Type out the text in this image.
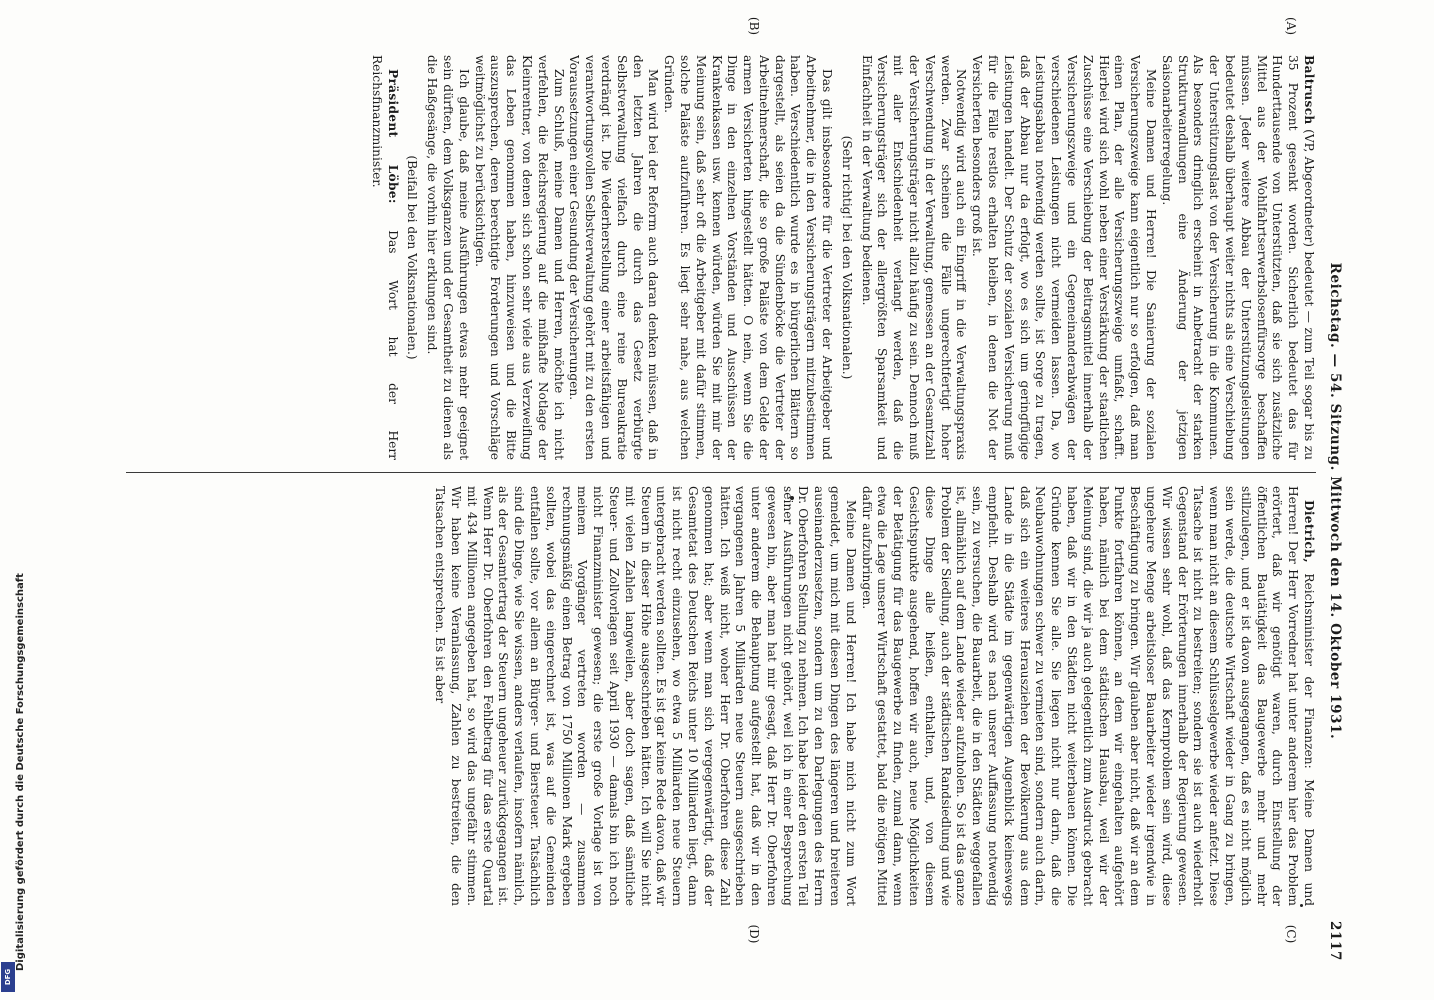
DFG
Digitalisierung gefördert durch die Deutsche Forschungsgemeinschaft
Reichstag. — 54. Sitzung. Mittwoch den 14. Oktober 1931.
2117
(A)
(B)
(C)
(D)

Baltrusch (VP, Abgeordneter) bedeutet — zum Teil sogar bis zu 35 Prozent gesenkt worden. Sicherlich bedeutet das für Hunderttausende von Unterstützten, daß sie sich zusätzliche Mittel aus der Wohlfahrtserwerbslosenfürsorge beschaffen müssen. Jeder weitere Abbau der Unterstützungsleistungen bedeutet deshalb überhaupt weiter nichts als eine Verschiebung der Unterstützungslast von der Versicherung in die Kommunen. Als besonders dringlich erscheint in Anbetracht der starken Strukturwandlungen eine Änderung der jetzigen Saisonarbeiterregelung.

Meine Damen und Herren! Die Sanierung der sozialen Versicherungszweige kann eigentlich nur so erfolgen, daß man einen Plan, der alle Versicherungszweige umfaßt, schafft. Hierbei wird sich wohl neben einer Verstärkung der staatlichen Zuschüsse eine Verschiebung der Beitragsmittel innerhalb der Versicherungszweige und ein Gegeneinanderabwägen der verschiedenen Leistungen nicht vermeiden lassen. Da, wo Leistungsabbau notwendig werden sollte, ist Sorge zu tragen, daß der Abbau nur da erfolgt, wo es sich um geringfügige Leistungen handelt. Der Schutz der sozialen Versicherung muß für die Fälle restlos erhalten bleiben, in denen die Not der Versicherten besonders groß ist.

Notwendig wird auch ein Eingriff in die Verwaltungspraxis werden. Zwar scheinen die Fälle ungerechtfertigt hoher Verschwendung in der Verwaltung, gemessen an der Gesamtzahl der Versicherungsträger nicht allzu häufig zu sein. Dennoch muß mit aller Entschiedenheit verlangt werden, daß die Versicherungsträger sich der allergrößten Sparsamkeit und Einfachheit in der Verwaltung bedienen.

(Sehr richtig! bei den Volksnationalen.)

Das gilt insbesondere für die Vertreter der Arbeitgeber und Arbeitnehmer, die in den Versicherungsträgern mitzubestimmen haben. Verschiedentlich wurde es in bürgerlichen Blättern so dargestellt, als seien da die Sündenböcke die Vertreter der Arbeitnehmerschaft, die so große Paläste von dem Gelde der armen Versicherten hingestellt hätten. O nein, wenn Sie die Dinge in den einzelnen Vorständen und Ausschüssen der Krankenkassen usw. kennen würden, würden Sie mit mir der Meinung sein, daß sehr oft die Arbeitgeber mit dafür stimmen, solche Paläste aufzuführen. Es liegt sehr nahe, aus welchen Gründen.

Man wird bei der Reform auch daran denken müssen, daß in den letzten Jahren die durch das Gesetz verbürgte Selbstverwaltung vielfach durch eine reine Bureaukratie verdrängt ist. Die Wiederherstellung einer arbeitsfähigen und verantwortungsvollen Selbstverwaltung gehört mit zu den ersten Voraussetzungen einer Gesundung der Versicherungen.

Zum Schluß, meine Damen und Herren, möchte ich nicht verfehlen, die Reichsregierung auf die mißhafte Notlage der Kleinrentner, von denen sich schon sehr viele aus Verzweiflung das Leben genommen haben, hinzuweisen und die Bitte auszusprechen, deren berechtigte Forderungen und Vorschläge weitmöglichst zu berücksichtigen.

Ich glaube, daß meine Ausführungen etwas mehr geeignet sein dürften, dem Volksganzen und der Gesamtheit zu dienen als die Haßgesänge, die vorhin hier erklungen sind.

(Beifall bei den Volksnationalen.)

Präsident Löbe: Das Wort hat der Herr Reichsfinanzminister.

Dietrich, Reichsminister der Finanzen: Meine Damen und Herren! Der Herr Vorredner hat unter anderem hier das Problem erörtert, daß wir genötigt waren, durch Einstellung der öffentlichen Bautätigkeit das Baugewerbe mehr und mehr stillzulegen, und er ist davon ausgegangen, daß es nicht möglich sein werde, die deutsche Wirtschaft wieder in Gang zu bringen, wenn man nicht an diesem Schlüsselgewerbe wieder anfetzt. Diese Tatsache ist nicht zu bestreiten; sondern sie ist auch wiederholt Gegenstand der Erörterungen innerhalb der Regierung gewesen. Wir wissen sehr wohl, daß das Kernproblem sein wird, diese ungeheure Menge arbeitsloser Bauarbeiter wieder irgendwie in Beschäftigung zu bringen. Wir glauben aber nicht, daß wir an dem Punkte fortfahren können, an dem wir eingehalten aufgehört haben, nämlich bei dem städtischen Hausbau, weil wir der Meinung sind, die wir ja auch gelegentlich zum Ausdruck gebracht haben, daß wir in den Städten nicht weiterbauen können. Die Gründe kennen Sie alle. Sie liegen nicht nur darin, daß die Neubauwohnungen schwer zu vermieten sind, sondern auch darin, daß sich ein weiteres Herausziehen der Bevölkerung aus dem Lande in die Städte im gegenwärtigen Augenblick keineswegs empfiehlt. Deshalb wird es nach unserer Auffassung notwendig sein, zu versuchen, die Bauarbeit, die in den Städten weggefallen ist, allmählich auf dem Lande wieder aufzuholen. So ist das ganze Problem der Siedlung, auch der städtischen Randsiedlung und wie diese Dinge alle heißen, enthalten, und, von diesem Gesichtspunkte ausgehend, hoffen wir auch, neue Möglichkeiten der Betätigung für das Baugewerbe zu finden, zumal dann, wenn etwa die Lage unserer Wirtschaft gestattet, bald die nötigen Mittel dafür aufzubringen.

Meine Damen und Herren! Ich habe mich nicht zum Wort gemeldet, um mich mit diesen Dingen des längeren und breiteren auseinanderzusetzen, sondern um zu den Darlegungen des Herrn Dr. Oberfohren Stellung zu nehmen. Ich habe leider den ersten Teil seiner Ausführungen nicht gehört, weil ich in einer Besprechung gewesen bin, aber man hat mir gesagt, daß Herr Dr. Oberfohren unter anderem die Behauptung aufgestellt hat, daß wir in den vergangenen Jahren 5 Milliarden neue Steuern ausgeschrieben hätten. Ich weiß nicht, woher Herr Dr. Oberfohren diese Zahl genommen hat; aber wenn man sich vergegenwärtigt, daß der Gesamtetat des Deutschen Reichs unter 10 Milliarden liegt, dann ist nicht recht einzusehen, wo etwa 5 Milliarden neue Steuern untergebracht werden sollten. Es ist gar keine Rede davon, daß wir Steuern in dieser Höhe ausgeschrieben hätten. Ich will Sie nicht mit vielen Zahlen langweilen, aber doch sagen, daß sämtliche Steuer- und Zollvorlagen seit April 1930 — damals bin ich noch nicht Finanzminister gewesen; die erste große Vorlage ist von meinem Vorgänger vertreten worden — zusammen rechnungsmäßig einen Betrag von 1750 Millionen Mark ergeben sollten, wobei das eingerechnet ist, was auf die Gemeinden entfallen sollte, vor allem an Bürger- und Biersteuer. Tatsächlich sind die Dinge, wie Sie wissen, anders verlaufen, insofern nämlich, als der Gesamtertrag der Steuern ungeheuer zurückgegangen ist. Wenn Herr Dr. Oberfohren den Fehlbetrag für das erste Quartal mit 434 Millionen angegeben hat, so wird das ungefähr stimmen. Wir haben keine Veranlassung, Zahlen zu bestreiten, die den Tatsachen entsprechen. Es ist aber
